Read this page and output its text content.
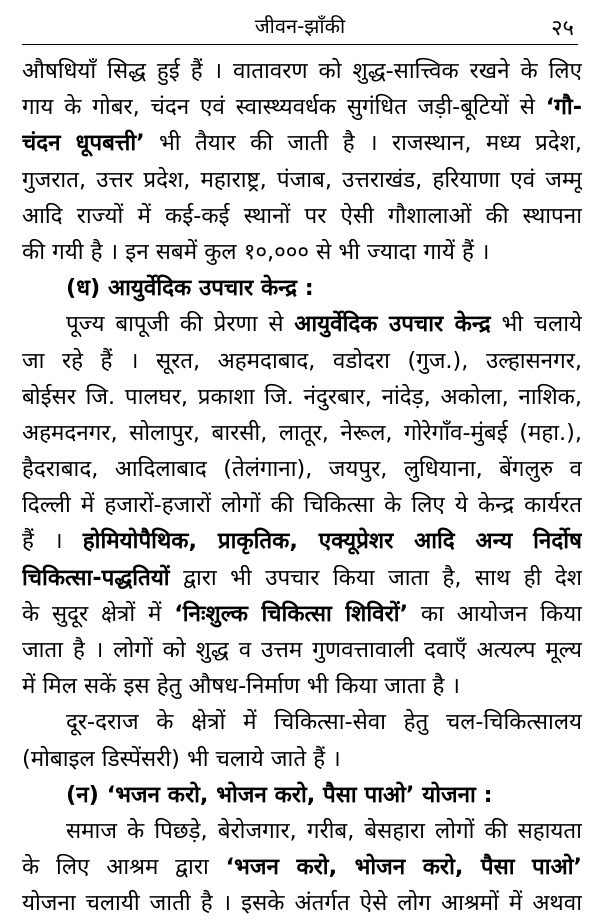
जीवन-झाँकी	२५
औषधियाँ सिद्ध हुई हैं । वातावरण को शुद्ध-सात्त्विक रखने के लिए
गाय के गोबर, चंदन एवं स्वास्थ्यवर्धक सुगंधित जड़ी-बूटियों से ‘गौ-
चंदन धूपबत्ती’ भी तैयार की जाती है । राजस्थान, मध्य प्रदेश,
गुजरात, उत्तर प्रदेश, महाराष्ट्र, पंजाब, उत्तराखंड, हरियाणा एवं जम्मू
आदि राज्यों में कई-कई स्थानों पर ऐसी गौशालाओं की स्थापना
की गयी है । इन सबमें कुल १०,००० से भी ज्यादा गायें हैं ।
(ध) आयुर्वेदिक उपचार केन्द्र :
पूज्य बापूजी की प्रेरणा से आयुर्वेदिक उपचार केन्द्र भी चलाये
जा रहे हैं । सूरत, अहमदाबाद, वडोदरा (गुज.), उल्हासनगर,
बोईसर जि. पालघर, प्रकाशा जि. नंदुरबार, नांदेड़, अकोला, नाशिक,
अहमदनगर, सोलापुर, बारसी, लातूर, नेरूल, गोरेगाँव-मुंबई (महा.),
हैदराबाद, आदिलाबाद (तेलंगाना), जयपुर, लुधियाना, बेंगलुरु व
दिल्ली में हजारों-हजारों लोगों की चिकित्सा के लिए ये केन्द्र कार्यरत
हैं । होमियोपैथिक, प्राकृतिक, एक्यूप्रेशर आदि अन्य निर्दोष
चिकित्सा-पद्धतियों द्वारा भी उपचार किया जाता है, साथ ही देश
के सुदूर क्षेत्रों में ‘निःशुल्क चिकित्सा शिविरों’ का आयोजन किया
जाता है । लोगों को शुद्ध व उत्तम गुणवत्तावाली दवाएँ अत्यल्प मूल्य
में मिल सकें इस हेतु औषध-निर्माण भी किया जाता है ।
दूर-दराज के क्षेत्रों में चिकित्सा-सेवा हेतु चल-चिकित्सालय
(मोबाइल डिस्पेंसरी) भी चलाये जाते हैं ।
(न) ‘भजन करो, भोजन करो, पैसा पाओ’ योजना :
समाज के पिछड़े, बेरोजगार, गरीब, बेसहारा लोगों की सहायता
के लिए आश्रम द्वारा ‘भजन करो, भोजन करो, पैसा पाओ’
योजना चलायी जाती है । इसके अंतर्गत ऐसे लोग आश्रमों में अथवा
